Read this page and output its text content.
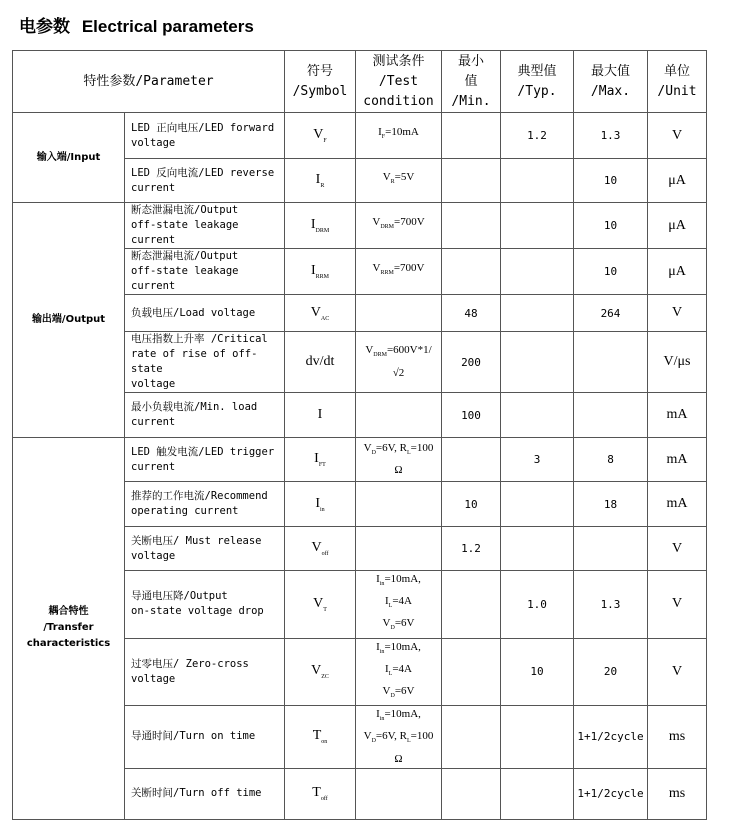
电参数 Electrical parameters
特性参数/Parameter		符号
/Symbol	测试条件
/Test
condition	最小
值
/Min.	典型值
/Typ.	最大值
/Max.	单位
/Unit

输入端/Input	LED 正向电压/LED forward
voltage	$V_F$	$I_F=10mA$		1.2	1.3	V

	LED 反向电流/LED reverse
current	$I_R$	$V_R=5V$			10	μA

输出端/Output	断态泄漏电流/Output
off-state leakage current	$I_{DRM}$	$V_{DRM}=700V$			10	μA

	断态泄漏电流/Output
off-state leakage current	$I_{RRM}$	$V_{RRM}=700V$			10	μA

	负载电压/Load voltage	$V_{AC}$		48		264	V

	电压指数上升率 /Critical
rate of rise of off-state
voltage	dv/dt	$V_{DRM}=600V*1/$
√2	200			V/μs

	最小负载电流/Min. load
current	I		100			mA

耦合特性
/Transfer
characteristics	LED 触发电流/LED trigger
current	$I_{FT}$	$V_D=6V$, $R_L=100$
Ω		3	8	mA

	推荐的工作电流/Recommend
operating current	$I_{in}$		10		18	mA

	关断电压/ Must release
voltage	$V_{off}$		1.2			V

	导通电压降/Output
on-state voltage drop	$V_T$	$I_{in}=10mA$,
$I_L=4A$
$V_D=6V$		1.0	1.3	V

	过零电压/ Zero-cross
voltage	$V_{ZC}$	$I_{in}=10mA$,
$I_L=4A$
$V_D=6V$		10	20	V

	导通时间/Turn on time	$T_{on}$	$I_{in}=10mA$,
$V_D=6V$, $R_L=100$
Ω			1+1/2cycle	ms

	关断时间/Turn off time	$T_{off}$				1+1/2cycle	ms
